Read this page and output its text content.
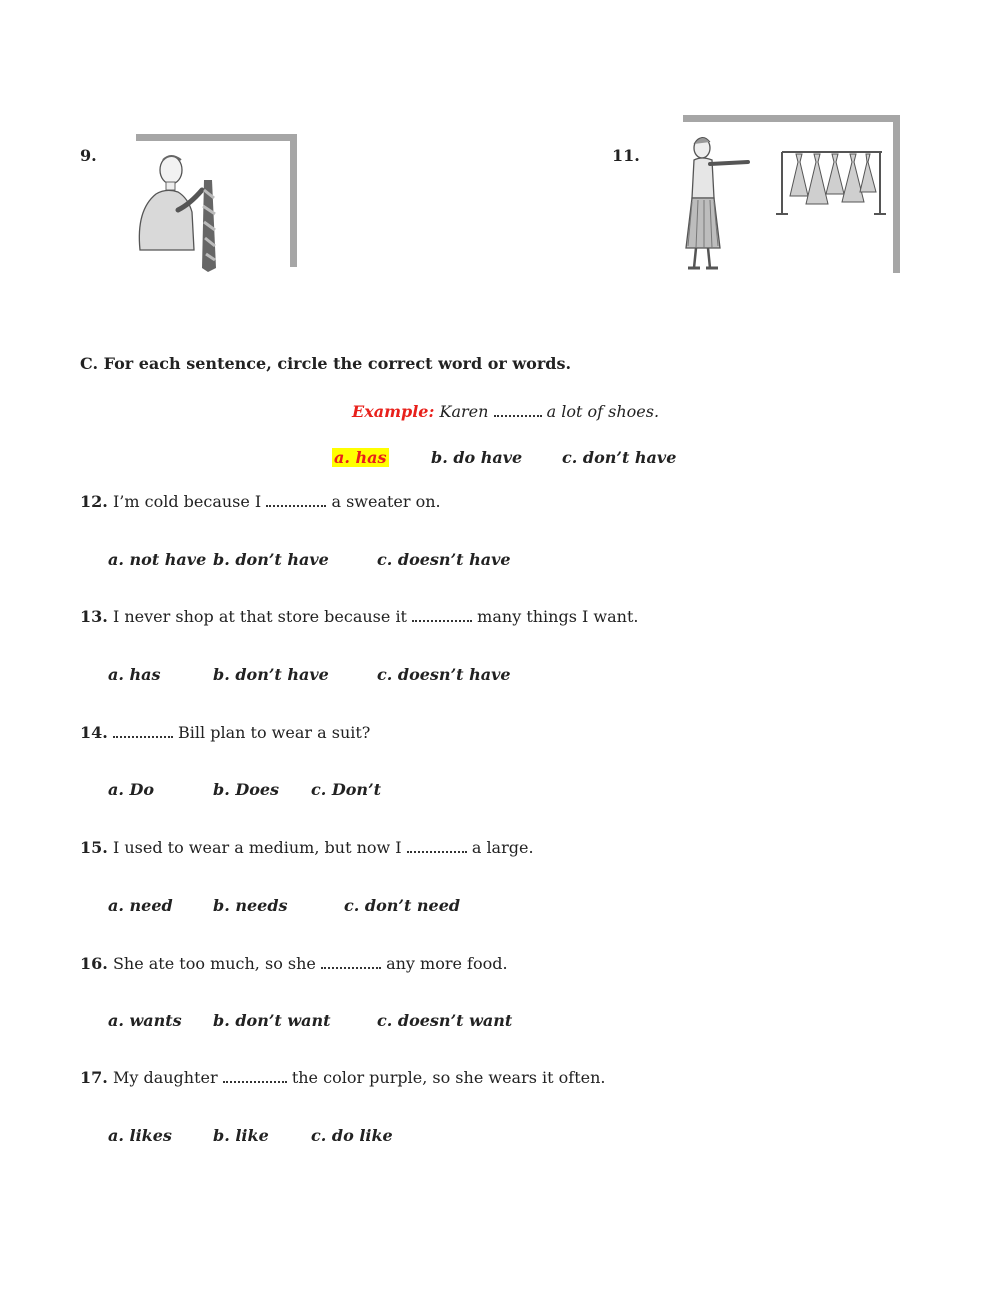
9.	11.
C. For each sentence, circle the correct word or words.
Example: Karen	a lot of shoes.
a. has	b. do have c. don’t have
12. I’m cold because I	a sweater on.
a. not have b. don’t have	c. doesn’t have
13. I never shop at that store because it	many things I want.
a. has	b. don’t have	c. doesn’t have
14.	Bill plan to wear a suit?
a. Do	b. Does c. Don’t
15. I used to wear a medium, but now I	a large.
a. need	b. needs	c. don’t need
16. She ate too much, so she	any more food.
a. wants b. don’t want	c. doesn’t want
17. My daughter	the color purple, so she wears it often.
a. likes	b. like	c. do like
